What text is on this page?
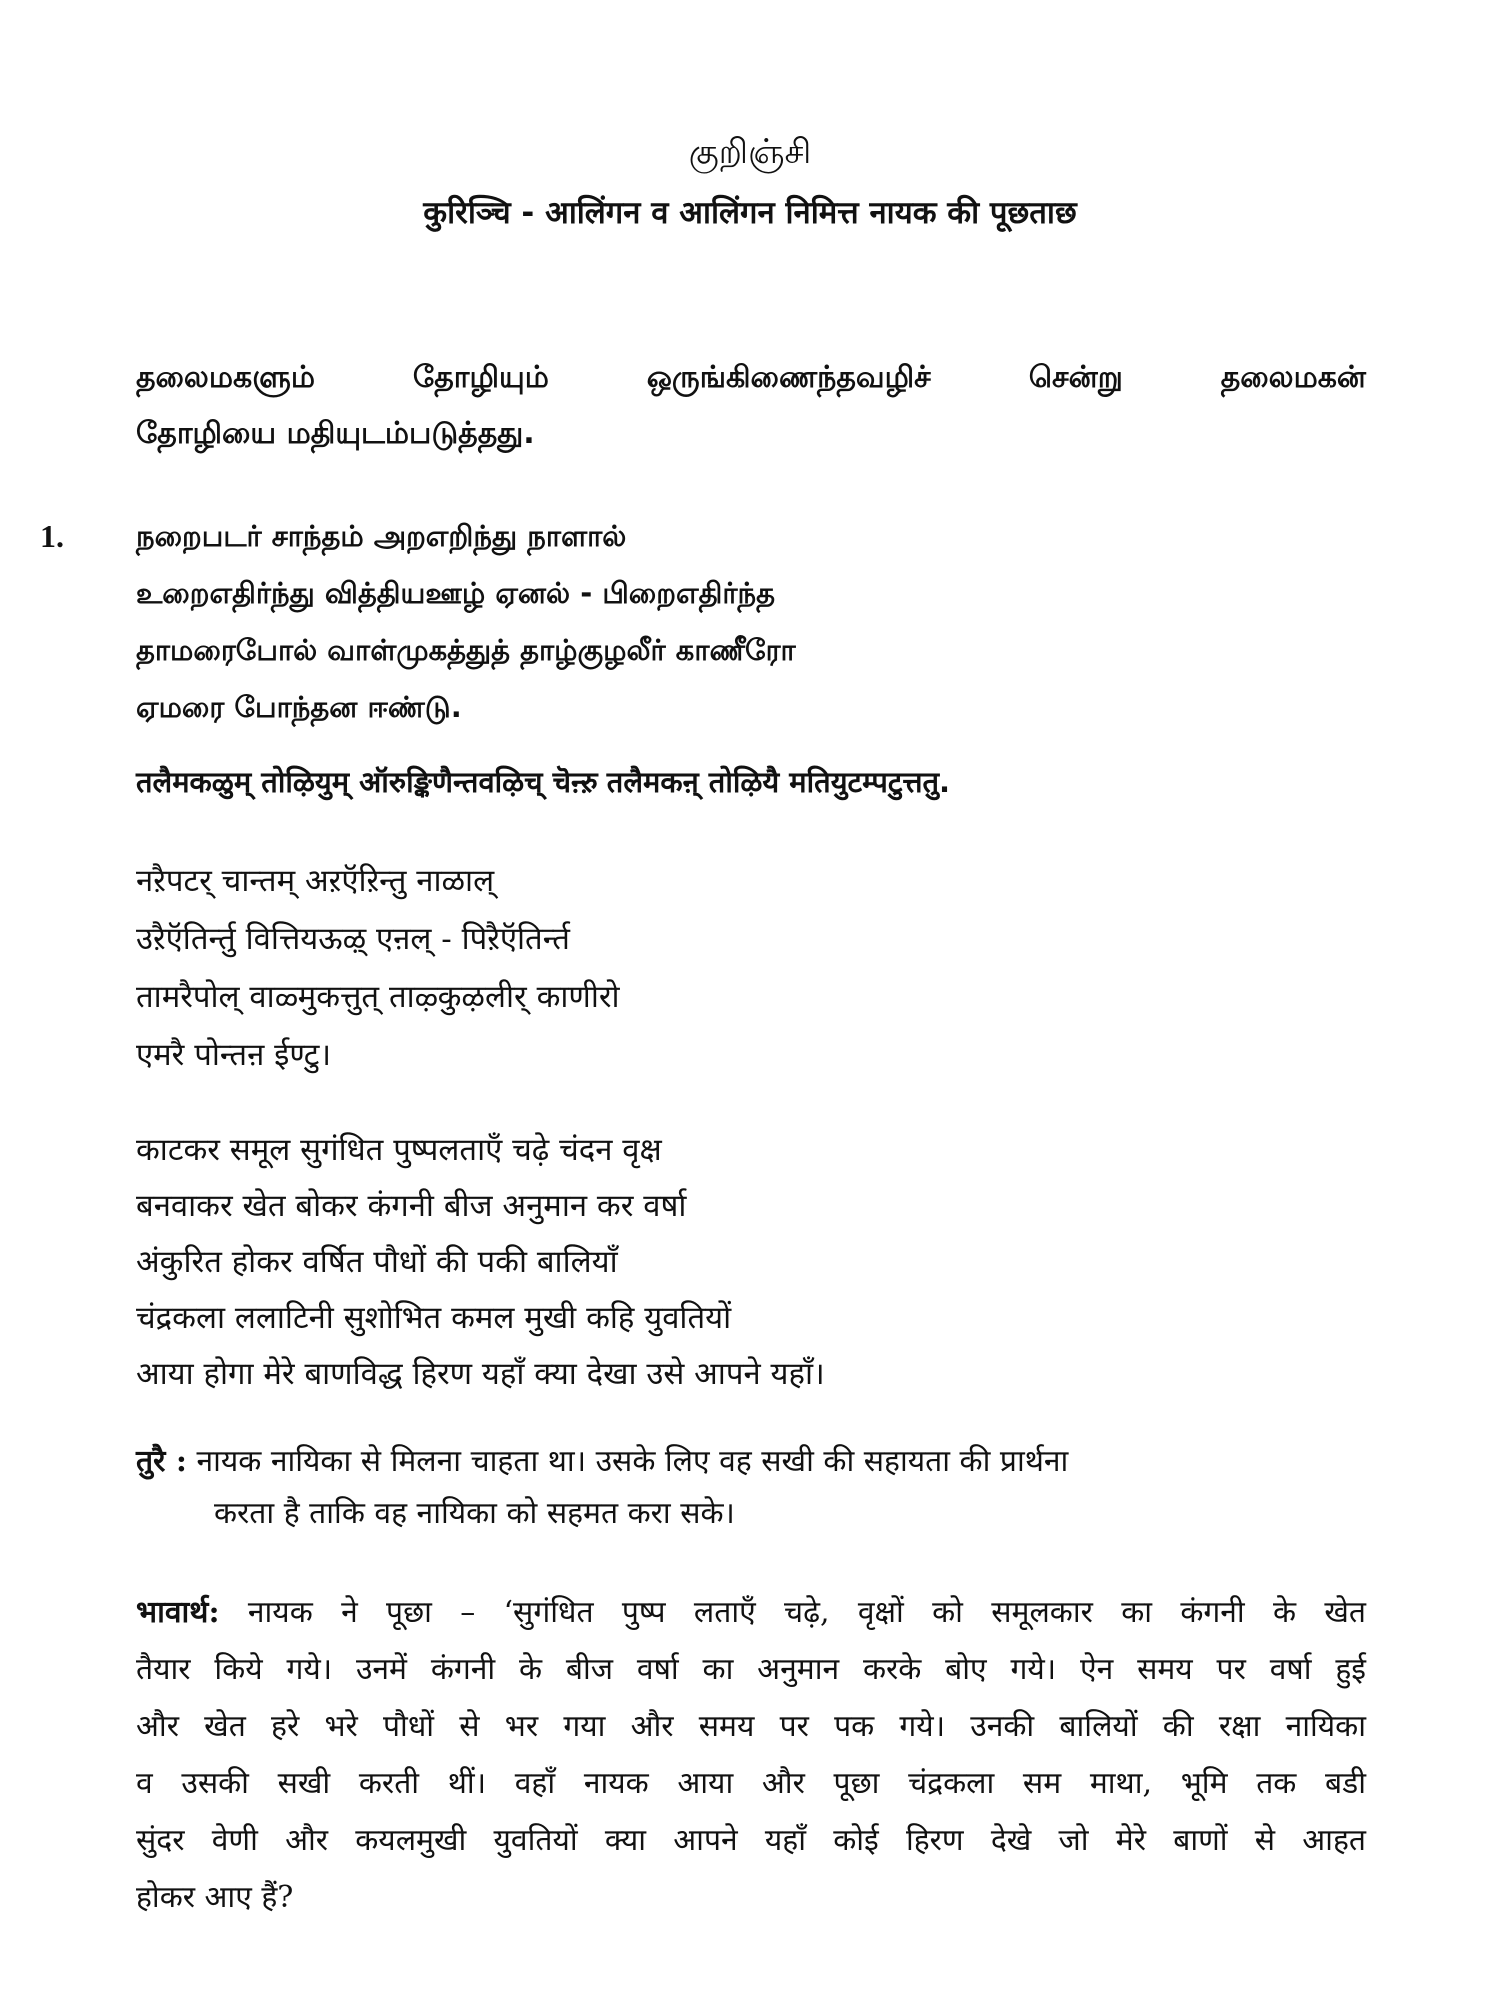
குறிஞ்சி
कुरिञ्चि - आलिंगन व आलिंगन निमित्त नायक की पूछताछ
தலைமகளும் தோழியும் ஒருங்கிணைந்தவழிச் சென்று தலைமகன்
தோழியை மதியுடம்படுத்தது.
1. நறைபடர் சாந்தம் அறஎறிந்து நாளால்
உறைஎதிர்ந்து வித்தியஊழ் ஏனல் - பிறைஎதிர்ந்த
தாமரைபோல் வாள்முகத்துத் தாழ்குழலீர் காணீரோ
ஏமரை போந்தன ஈண்டு.
तलैमकळुम् तोऴियुम् ऑरुङ्किणैन्तवऴिच् चॆऩ्ऱु तलैमकऩ् तोऴियै मतियुटम्पटुत्ततु.
नऱैपटर् चान्तम् अऱऍऱिन्तु नाळाल्
उऱैऍतिर्न्तु वित्तियऊऴ् एऩल् - पिऱैऍतिर्न्त
तामरैपोल् वाळ्मुकत्तुत् ताऴ्कुऴलीर् काणीरो
एमरै पोन्तऩ ईण्टु।
काटकर समूल सुगंधित पुष्पलताएँ चढ़े चंदन वृक्ष
बनवाकर खेत बोकर कंगनी बीज अनुमान कर वर्षा
अंकुरित होकर वर्षित पौधों की पकी बालियाँ
चंद्रकला ललाटिनी सुशोभित कमल मुखी कहि युवतियों
आया होगा मेरे बाणविद्ध हिरण यहाँ क्या देखा उसे आपने यहाँ।
तुरै : नायक नायिका से मिलना चाहता था। उसके लिए वह सखी की सहायता की प्रार्थना
करता है ताकि वह नायिका को सहमत करा सके।
भावार्थ: नायक ने पूछा – ‘सुगंधित पुष्प लताएँ चढ़े, वृक्षों को समूलकार का कंगनी के खेत
तैयार किये गये। उनमें कंगनी के बीज वर्षा का अनुमान करके बोए गये। ऐन समय पर वर्षा हुई
और खेत हरे भरे पौधों से भर गया और समय पर पक गये। उनकी बालियों की रक्षा नायिका
व उसकी सखी करती थीं। वहाँ नायक आया और पूछा चंद्रकला सम माथा, भूमि तक बडी
सुंदर वेणी और कयलमुखी युवतियों क्या आपने यहाँ कोई हिरण देखे जो मेरे बाणों से आहत
होकर आए हैं?
